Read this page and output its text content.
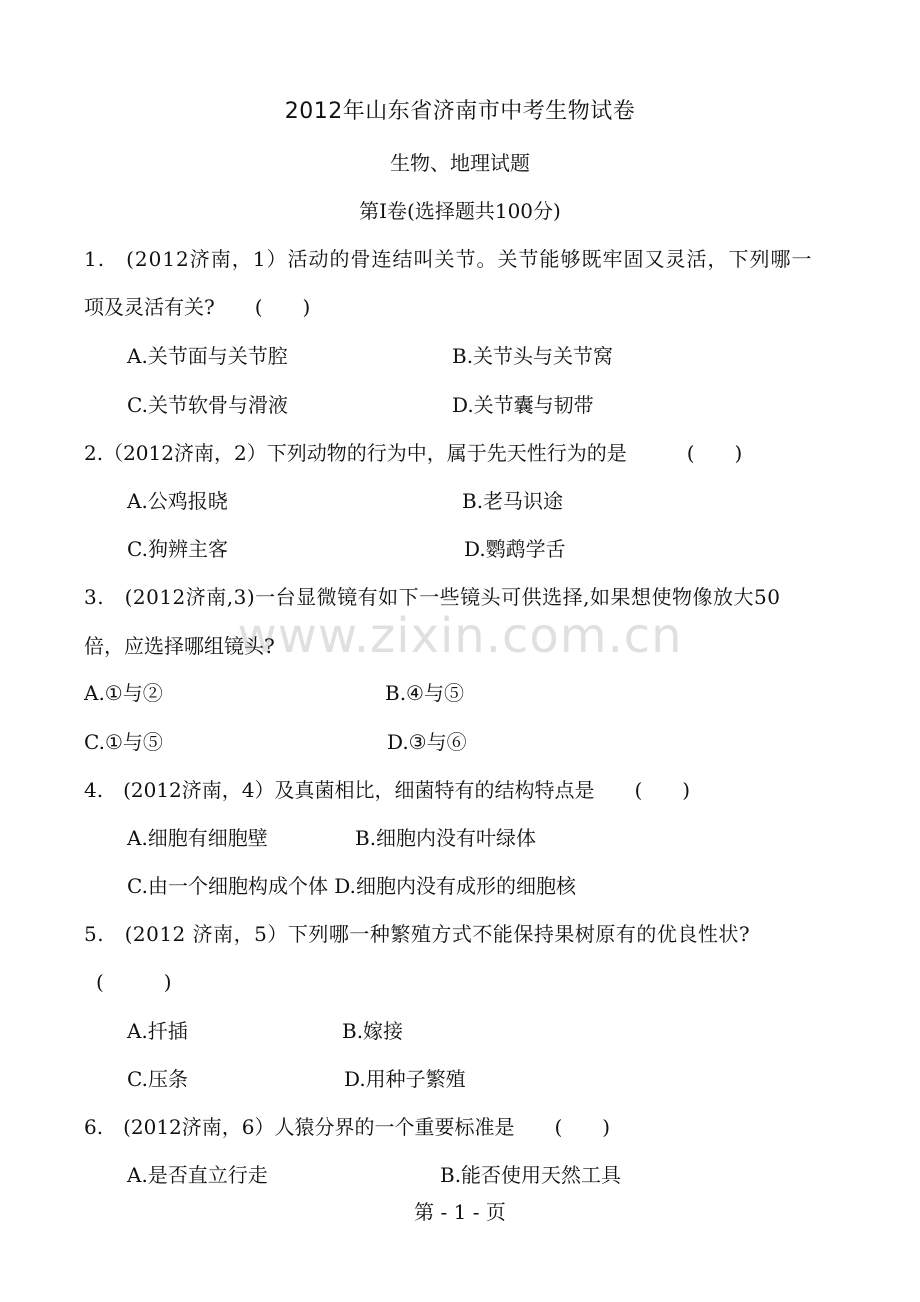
2012年山东省济南市中考生物试卷
生物、地理试题
第Ⅰ卷(选择题共100分)
www.zixin.com.cn
1.　(2012济南，1）活动的骨连结叫关节。关节能够既牢固又灵活，下列哪一
项及灵活有关?　　(　　)
A.关节面与关节腔	B.关节头与关节窝
C.关节软骨与滑液	D.关节囊与韧带
2.（2012济南，2）下列动物的行为中，属于先天性行为的是　　　(　　)
A.公鸡报晓	B.老马识途
C.狗辨主客	D.鹦鹉学舌
3.　(2012济南,3)一台显微镜有如下一些镜头可供选择,如果想使物像放大50
倍，应选择哪组镜头?
A.①与②	B.④与⑤
C.①与⑤	D.③与⑥
4.　(2012济南，4）及真菌相比，细菌特有的结构特点是　　(　　)
A.细胞有细胞壁	B.细胞内没有叶绿体
C.由一个细胞构成个体 D.细胞内没有成形的细胞核
5.　(2012 济南，5）下列哪一种繁殖方式不能保持果树原有的优良性状?
(　　　)
A.扦插	B.嫁接
C.压条	D.用种子繁殖
6.　(2012济南，6）人猿分界的一个重要标准是　　(　　)
A.是否直立行走	B.能否使用天然工具
第 - 1 - 页
